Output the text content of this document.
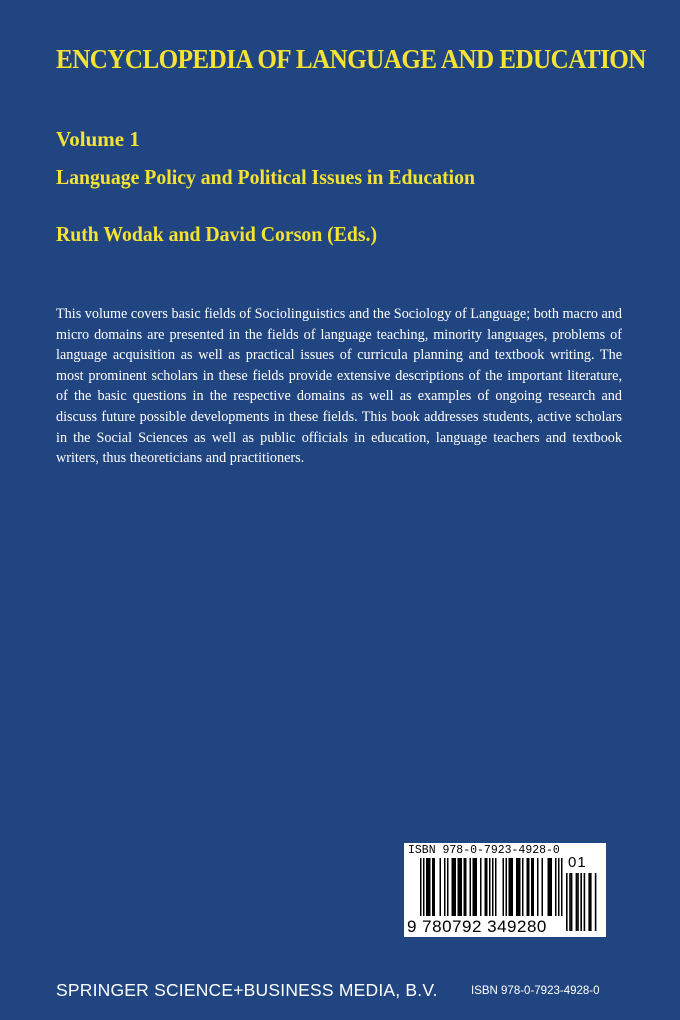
ENCYCLOPEDIA OF LANGUAGE AND EDUCATION
Volume 1
Language Policy and Political Issues in Education
Ruth Wodak and David Corson (Eds.)

This volume covers basic fields of Sociolinguistics and the Sociology of Language; both macro and micro domains are presented in the fields of language teaching, minority languages, problems of language acquisition as well as practical issues of curricula planning and textbook writing. The most prominent scholars in these fields provide extensive descriptions of the important literature, of the basic questions in the respective domains as well as examples of ongoing research and discuss future possible developments in these fields. This book addresses students, active scholars in the Social Sciences as well as public officials in education, language teachers and textbook writers, thus theoreticians and practitioners.

ISBN 978-0-7923-4928-0
01
9 780792 349280
SPRINGER SCIENCE+BUSINESS MEDIA, B.V.	ISBN 978-0-7923-4928-0
